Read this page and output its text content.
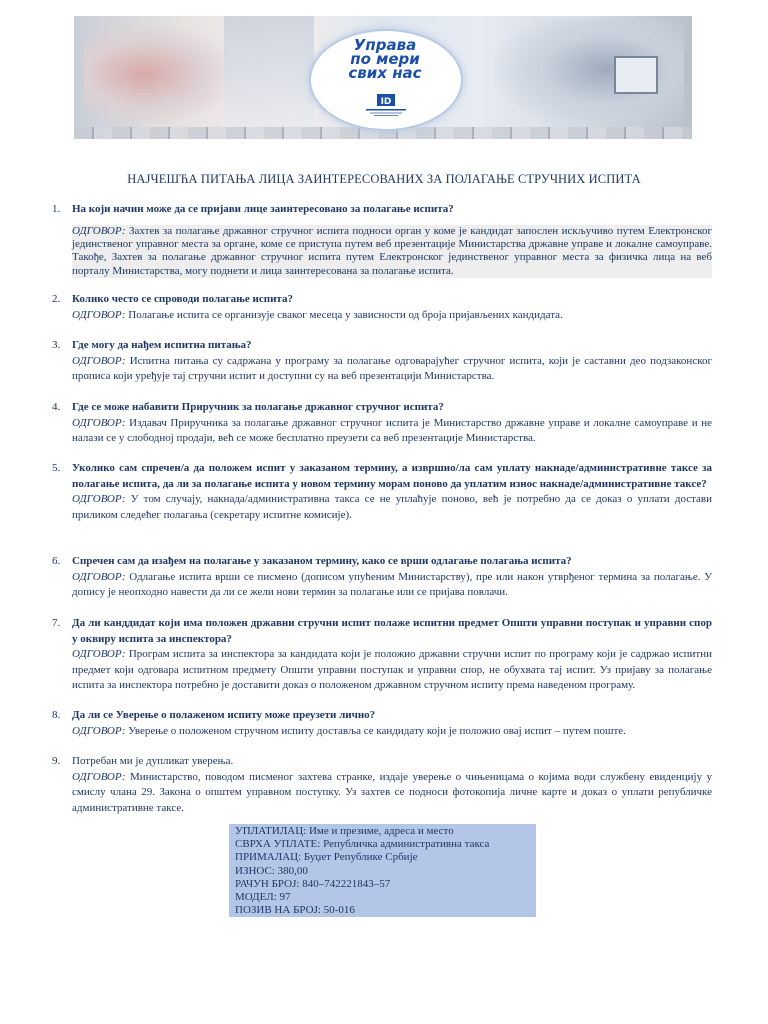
Управа
по мери
свих нас
ID
НАЈЧЕШЋА ПИТАЊА ЛИЦА ЗАИНТЕРЕСОВАНИХ ЗА ПОЛАГАЊЕ СТРУЧНИХ ИСПИТА
1.	На који начин може да се пријави лице заинтересовано за полагање испита?
ОДГОВОР: Захтев за полагање државног стручног испита подноси орган у коме је кандидат запослен искључиво путем Електронског јединственог управног места за органе, коме се приступа путем веб презентације Министарства државне управе и локалне самоуправе. Такође, Захтев за полагање државног стручног испита путем Електронског јединственог управног места за физичка лица на веб порталу Министарства, могу поднети и лица заинтересована за полагање испита.
2.	Колико често се спроводи полагање испита?
ОДГОВОР: Полагање испита се организује сваког месеца у зависности од броја пријављених кандидата.
3.	Где могу да нађем испитна питања?
ОДГОВОР: Испитна питања су садржана у програму за полагање одговарајућег стручног испита, који је саставни део подзаконског прописа који уређује тај стручни испит и доступни су на веб презентацији Министарства.
4.	Где се може набавити Приручник за полагање државног стручног испита?
ОДГОВОР: Издавач Приручника за полагање државног стручног испита је Министарство државне управе и локалне самоуправе и не налази се у слободној продаји, већ се може бесплатно преузети са веб презентације Министарства.
5.	Уколико сам спречен/а да положем испит у заказаном термину, а извршио/ла сам уплату накнаде/административне таксе за полагање испита, да ли за полагање испита у новом термину морам поново да уплатим износ накнаде/административне таксе?
ОДГОВОР: У том случају, накнада/административна такса се не уплаћује поново, већ је потребно да се доказ о уплати достави приликом следећег полагања (секретару испитне комисије).
6.	Спречен сам да изађем на полагање у заказаном термину, како се врши одлагање полагања испита?
ОДГОВОР: Одлагање испита врши се писмено (дописом упућеним Министарству), пре или након утврђеног термина за полагање. У допису је неопходно навести да ли се жели нови термин за полагање или се пријава повлачи.
7.	Да ли канддидат који има положен државни стручни испит полаже испитни предмет Општи управни поступак и управни спор у оквиру испита за инспектора?
ОДГОВОР: Програм испита за инспектора за кандидата који је положио државни стручни испит по програму који је садржао испитни предмет који одговара испитном предмету Општи управни поступак и управни спор, не обухвата тај испит. Уз пријаву за полагање испита за инспектора потребно је доставити доказ о положеном државном стручном испиту према наведеном програму.
8.	Да ли се Уверење о полаженом испиту може преузети лично?
ОДГОВОР: Уверење о положеном стручном испиту доставља се кандидату који је положио овај испит – путем поште.
9.	Потребан ми је дупликат уверења.
ОДГОВОР: Министарство, поводом писменог захтева странке, издаје уверење о чињеницама о којима води службену евиденцију у смислу члана 29. Закона о општем управном поступку. Уз захтев се подноси фотокопија личне карте и доказ о уплати републичке административне таксе.
УПЛАТИЛАЦ: Име и презиме, адреса и место
СВРХА УПЛАТЕ: Републичка административна такса
ПРИМАЛАЦ: Буџет Републике Србије
ИЗНОС: 380,00
РАЧУН БРОЈ: 840–742221843–57
МОДЕЛ: 97
ПОЗИВ НА БРОЈ: 50-016
